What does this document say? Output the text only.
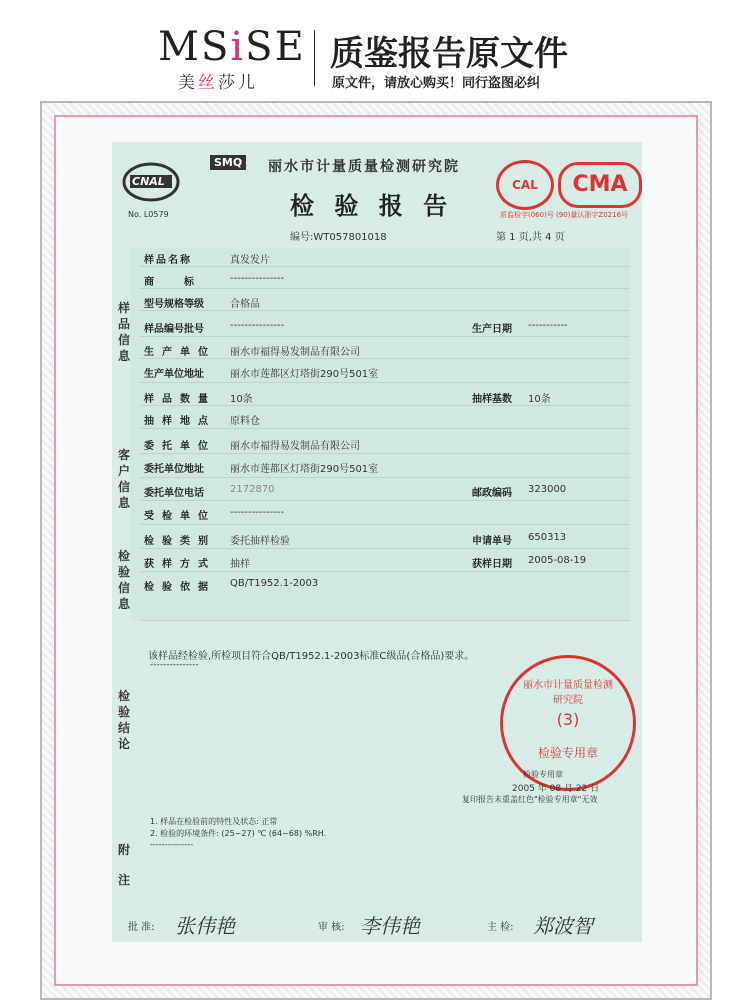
MSiSE
美丝莎儿
质鉴报告原文件
原文件，请放心购买！同行盗图必纠
CNAL
No. L0579
SMQ 丽水市计量质量检测研究院
检 验 报 告
CAL	CMA
质监检字(060)号 (90)量认浙字Z0216号
编号:WT057801018	第 1 页,共 4 页
样品信息
客户信息
检验信息
检验结论
附注
样品名称	真发发片
商标 ---------------
型号规格等级	合格品
样品编号批号	---------------	生产日期 -----------
生产单位 丽水市福得易发制品有限公司
生产单位地址	丽水市莲都区灯塔街290号501室
样品数量 10条	抽样基数 10条
抽样地点 原料仓
委托单位 丽水市福得易发制品有限公司
委托单位地址	丽水市莲都区灯塔街290号501室
委托单位电话	2172870	邮政编码 323000
受检单位 ---------------
检验类别 委托抽样检验	申请单号 650313
获样方式 抽样	获样日期 2005-08-19
检验依据 QB/T1952.1-2003
该样品经检验,所检项目符合QB/T1952.1-2003标准C级品(合格品)要求。
---------------
丽水市计量质量检测研究院
(3)
检验专用章
检验专用章
2005 年 08 月 22 日
复印报告未重盖红色"检验专用章"无效
1. 样品在检验前的特性及状态: 正常
2. 检验的环境条件: (25~27) ℃ (64~68) %RH.
---------------
批 准: 张伟艳	审 核: 李伟艳	主 检: 郑波智
